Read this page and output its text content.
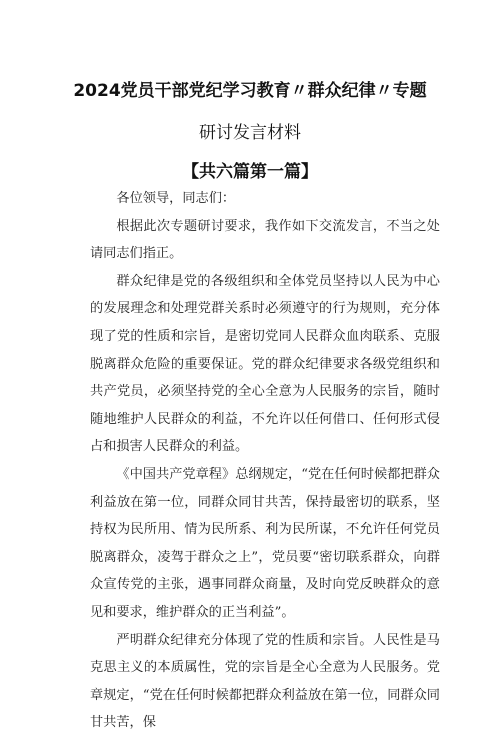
2024党员干部党纪学习教育〃群众纪律〃专题
研讨发言材料
【共六篇第一篇】

各位领导，同志们：

根据此次专题研讨要求，我作如下交流发言，不当之处请同志们指正。

群众纪律是党的各级组织和全体党员坚持以人民为中心的发展理念和处理党群关系时必须遵守的行为规则，充分体现了党的性质和宗旨，是密切党同人民群众血肉联系、克服脱离群众危险的重要保证。党的群众纪律要求各级党组织和共产党员，必须坚持党的全心全意为人民服务的宗旨，随时随地维护人民群众的利益，不允许以任何借口、任何形式侵占和损害人民群众的利益。

《中国共产党章程》总纲规定，“党在任何时候都把群众利益放在第一位，同群众同甘共苦，保持最密切的联系，坚持权为民所用、情为民所系、利为民所谋，不允许任何党员脱离群众，凌驾于群众之上”，党员要“密切联系群众，向群众宣传党的主张，遇事同群众商量，及时向党反映群众的意见和要求，维护群众的正当利益”。

严明群众纪律充分体现了党的性质和宗旨。人民性是马克思主义的本质属性，党的宗旨是全心全意为人民服务。党章规定，“党在任何时候都把群众利益放在第一位，同群众同甘共苦，保
